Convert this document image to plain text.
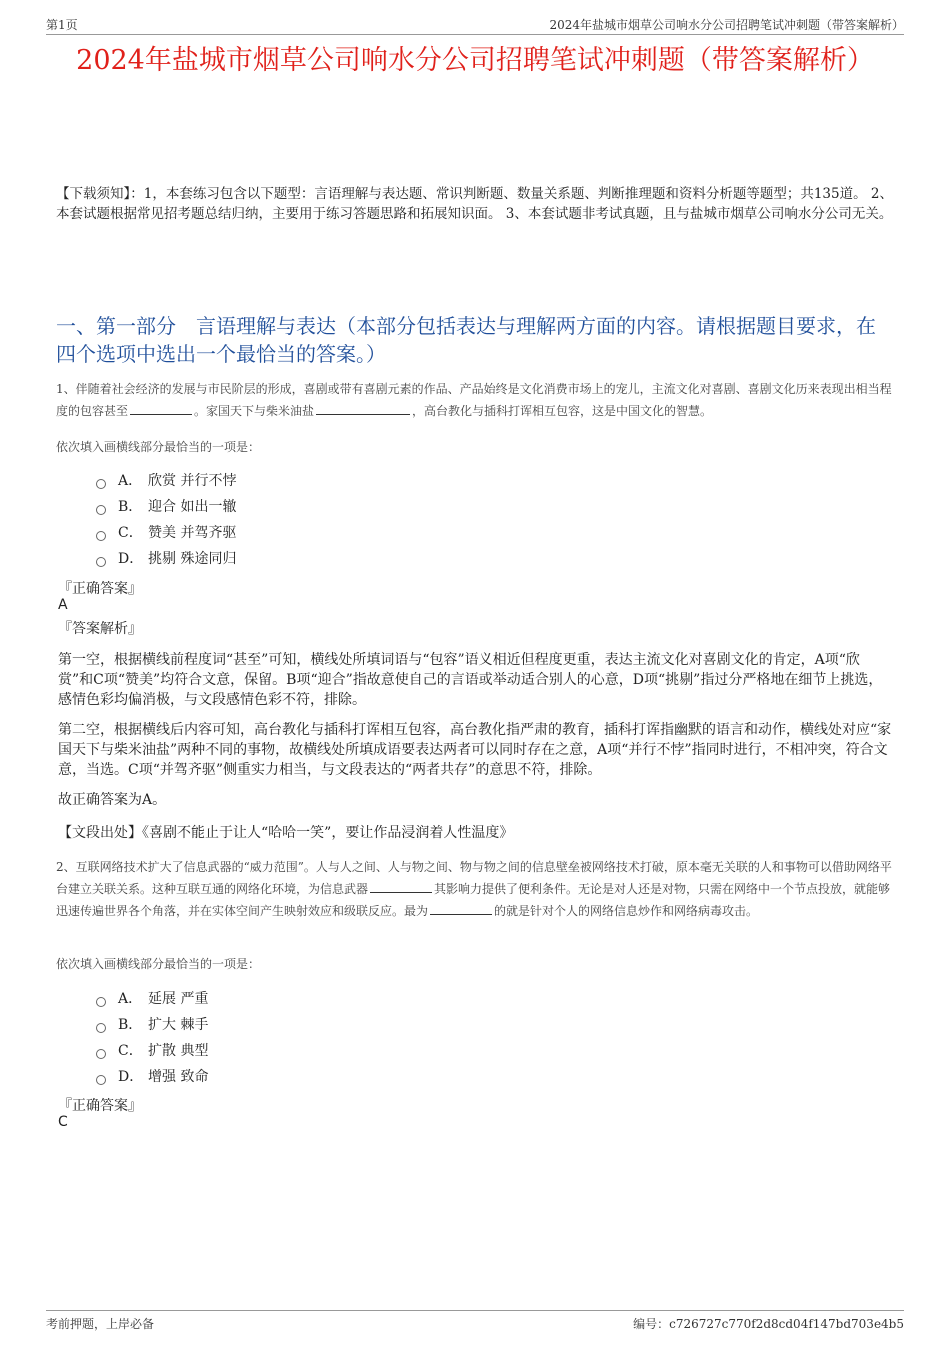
第1页	2024年盐城市烟草公司响水分公司招聘笔试冲刺题（带答案解析）
2024年盐城市烟草公司响水分公司招聘笔试冲刺题（带答案解析）
【下载须知】：1，本套练习包含以下题型：言语理解与表达题、常识判断题、数量关系题、判断推理题和资料分析题等题型；共135道。 2、本套试题根据常见招考题总结归纳，主要用于练习答题思路和拓展知识面。 3、本套试题非考试真题，且与盐城市烟草公司响水分公司无关。
一、第一部分　言语理解与表达（本部分包括表达与理解两方面的内容。请根据题目要求，在四个选项中选出一个最恰当的答案。）
1、伴随着社会经济的发展与市民阶层的形成，喜剧或带有喜剧元素的作品、产品始终是文化消费市场上的宠儿，主流文化对喜剧、喜剧文化历来表现出相当程度的包容甚至	。家国天下与柴米油盐	，高台教化与插科打诨相互包容，这是中国文化的智慧。
依次填入画横线部分最恰当的一项是：
A． 欣赏 并行不悖
B． 迎合 如出一辙
C． 赞美 并驾齐驱
D． 挑剔 殊途同归
『正确答案』
A
『答案解析』
第一空，根据横线前程度词“甚至”可知，横线处所填词语与“包容”语义相近但程度更重，表达主流文化对喜剧文化的肯定，A项“欣赏”和C项“赞美”均符合文意，保留。B项“迎合”指故意使自己的言语或举动适合别人的心意，D项“挑剔”指过分严格地在细节上挑选，感情色彩均偏消极，与文段感情色彩不符，排除。
第二空，根据横线后内容可知，高台教化与插科打诨相互包容，高台教化指严肃的教育，插科打诨指幽默的语言和动作，横线处对应“家国天下与柴米油盐”两种不同的事物，故横线处所填成语要表达两者可以同时存在之意，A项“并行不悖”指同时进行，不相冲突，符合文意，当选。C项“并驾齐驱”侧重实力相当，与文段表达的“两者共存”的意思不符，排除。
故正确答案为A。
【文段出处】《喜剧不能止于让人“哈哈一笑”，要让作品浸润着人性温度》
2、互联网络技术扩大了信息武器的“威力范围”。人与人之间、人与物之间、物与物之间的信息壁垒被网络技术打破，原本毫无关联的人和事物可以借助网络平台建立关联关系。这种互联互通的网络化环境，为信息武器	其影响力提供了便利条件。无论是对人还是对物，只需在网络中一个节点投放，就能够迅速传遍世界各个角落，并在实体空间产生映射效应和级联反应。最为	的就是针对个人的网络信息炒作和网络病毒攻击。
依次填入画横线部分最恰当的一项是：
A． 延展 严重
B． 扩大 棘手
C． 扩散 典型
D． 增强 致命
『正确答案』
C
考前押题，上岸必备	编号：c726727c770f2d8cd04f147bd703e4b5
